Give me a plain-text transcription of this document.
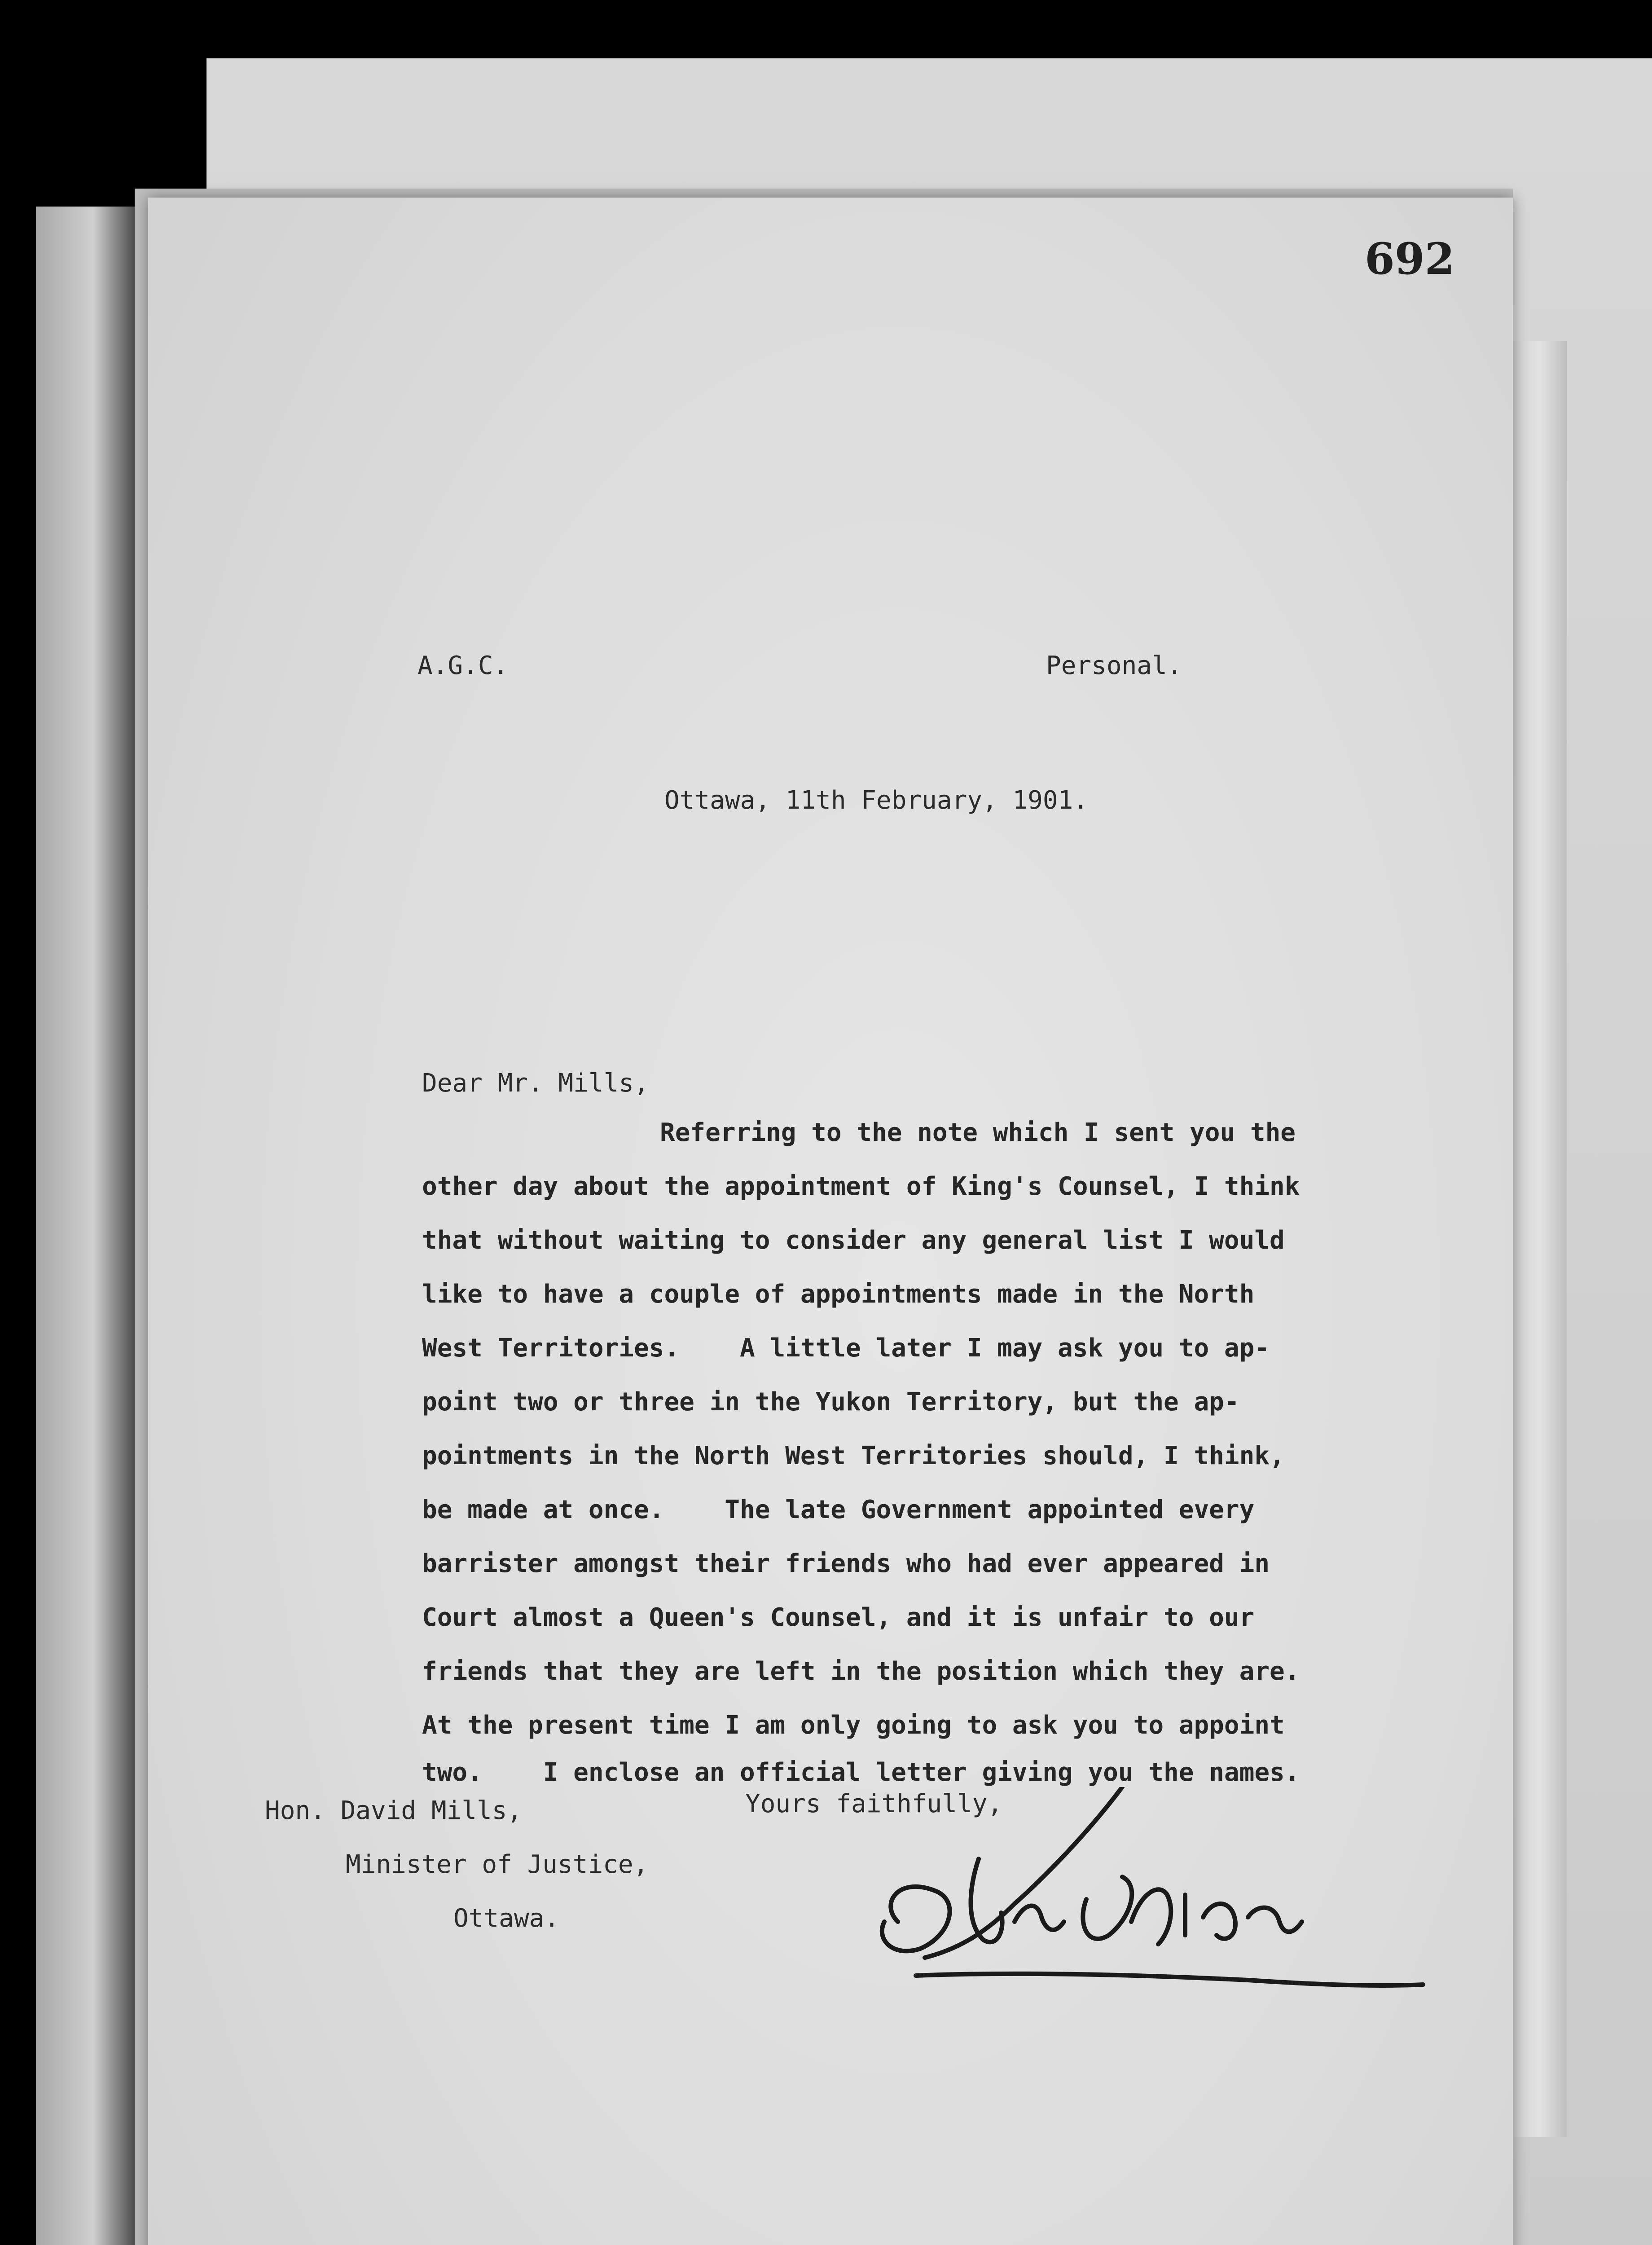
692
A.G.C.	Personal.
Ottawa, 11th February, 1901.
Dear Mr. Mills,
Referring to the note which I sent you the
other day about the appointment of King's Counsel, I think
that without waiting to consider any general list I would
like to have a couple of appointments made in the North
West Territories.    A little later I may ask you to ap-
point two or three in the Yukon Territory, but the ap-
pointments in the North West Territories should, I think,
be made at once.    The late Government appointed every
barrister amongst their friends who had ever appeared in
Court almost a Queen's Counsel, and it is unfair to our
friends that they are left in the position which they are.
At the present time I am only going to ask you to appoint
two.    I enclose an official letter giving you the names.
Yours faithfully,
Hon. David Mills,
Minister of Justice,
Ottawa.
